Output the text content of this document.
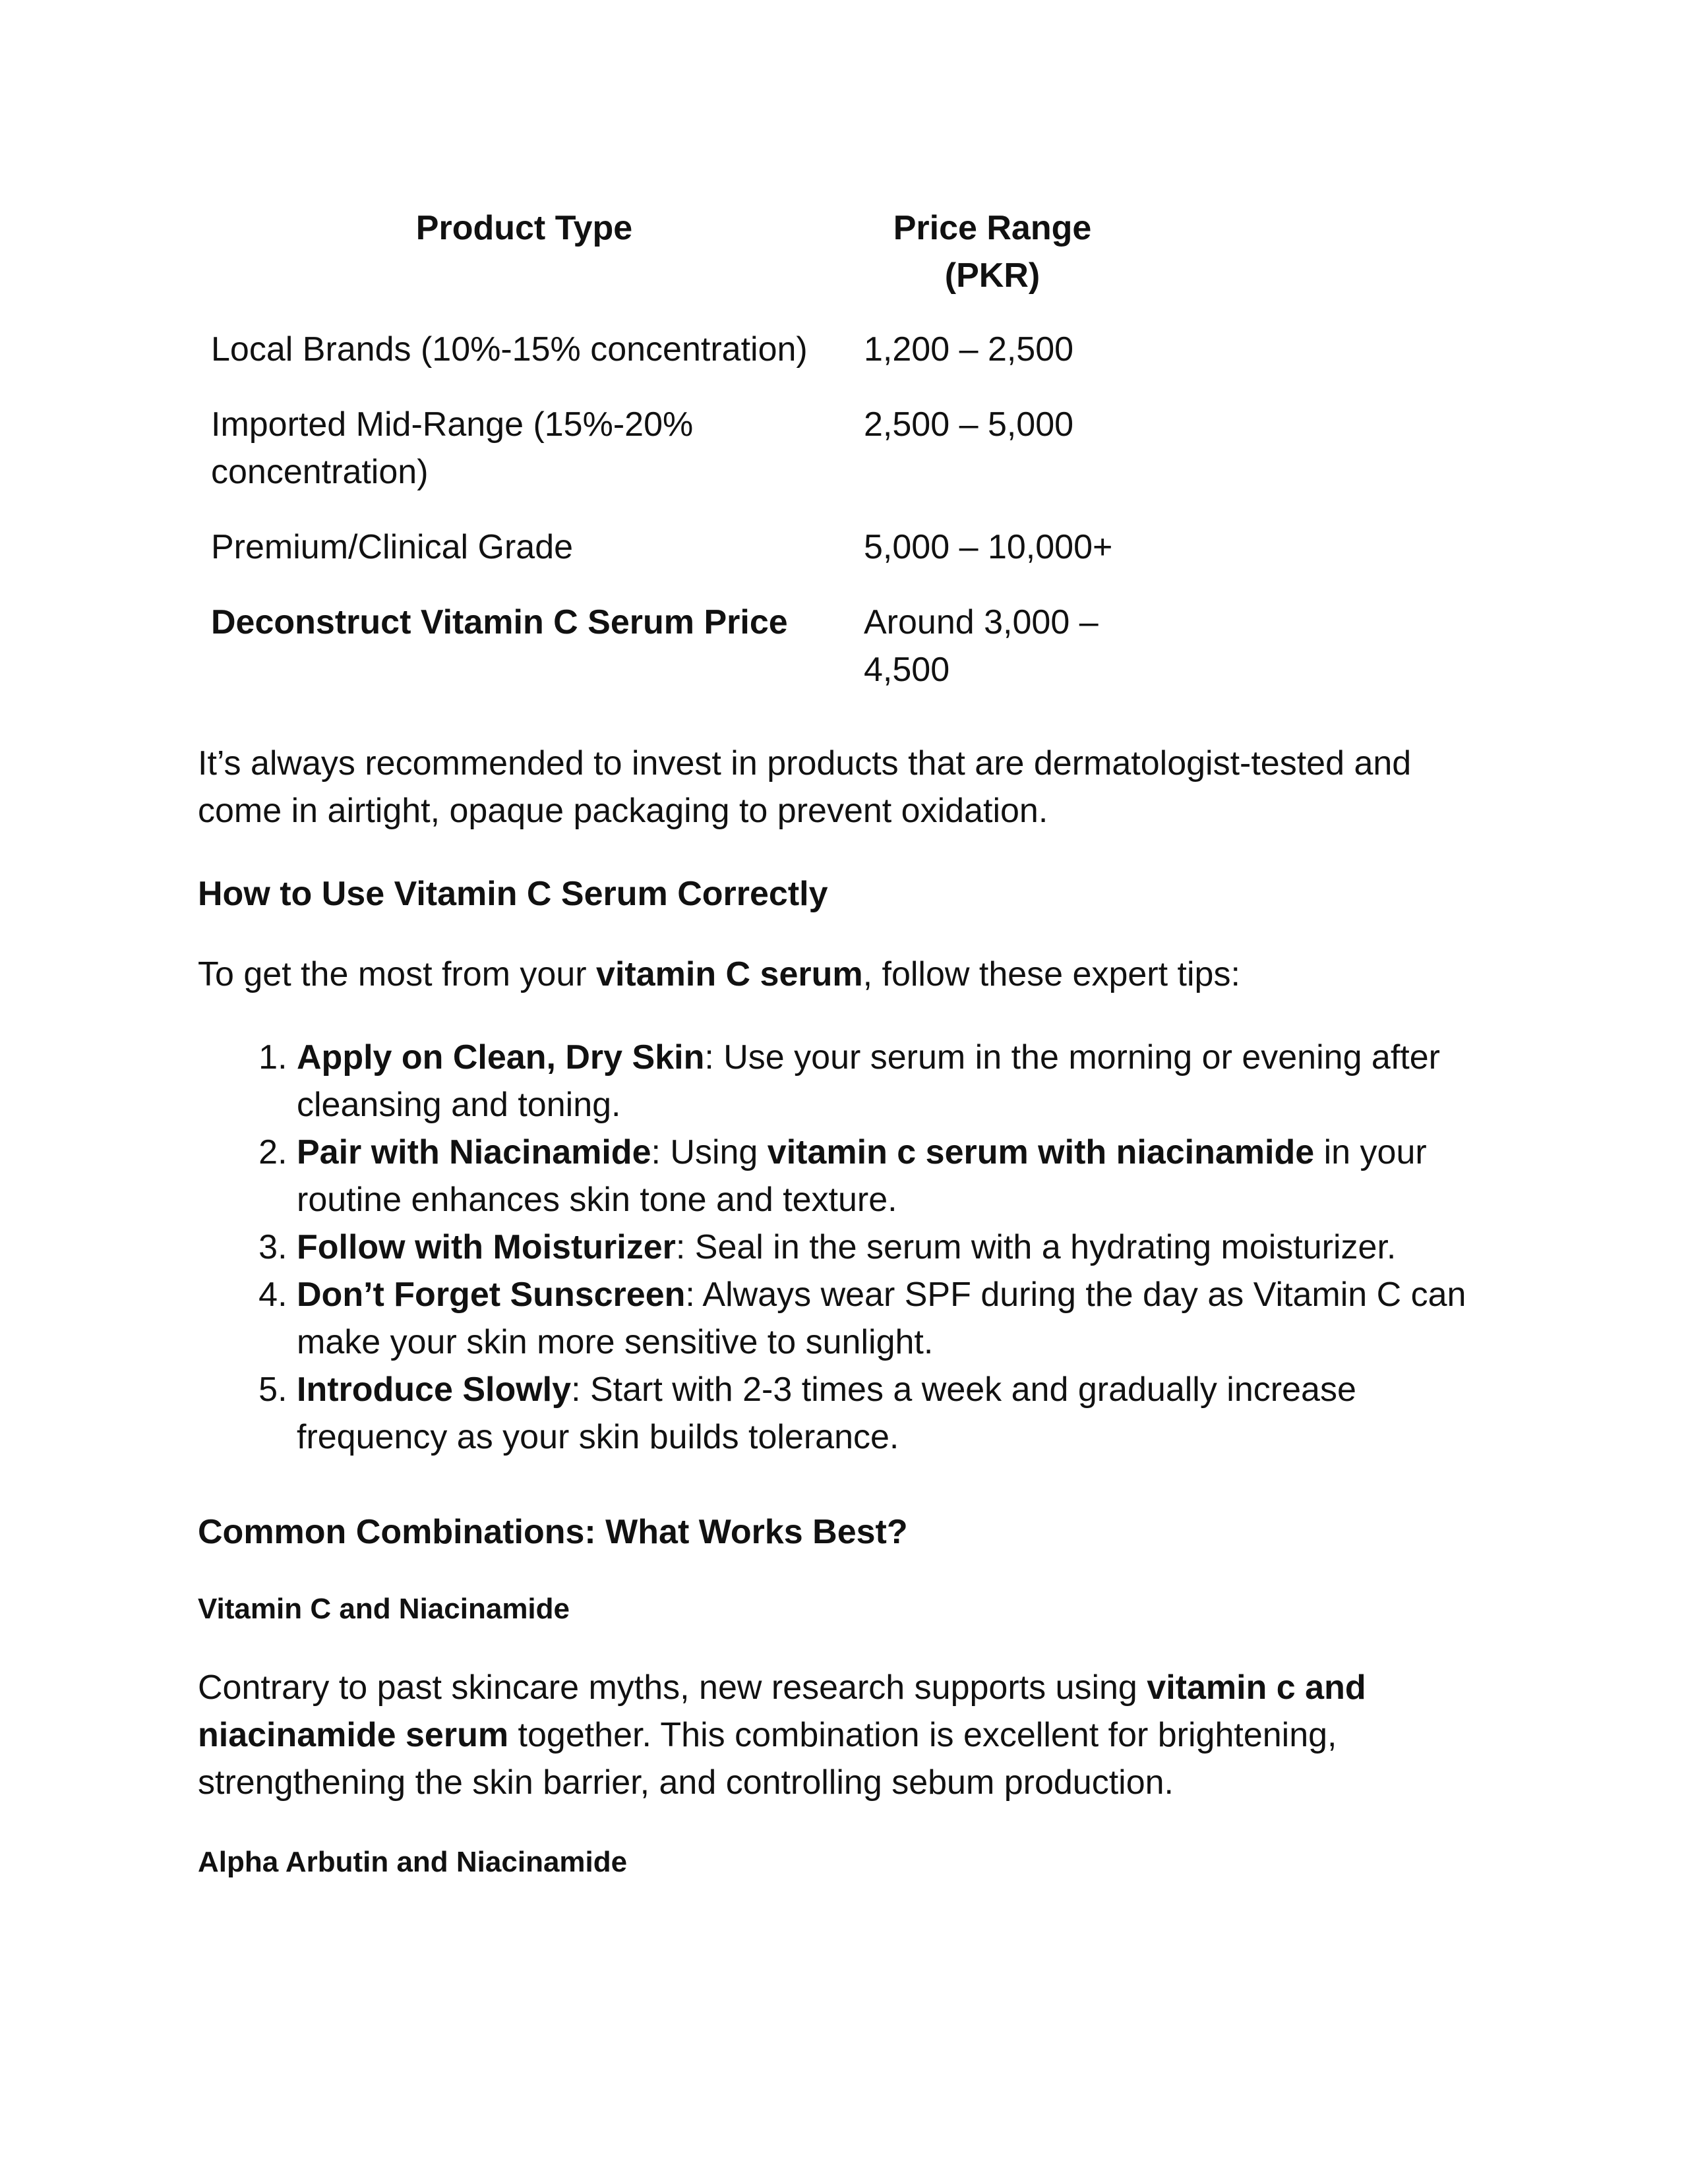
Product Type	Price Range (PKR)
Local Brands (10%-15% concentration)	1,200 – 2,500
Imported Mid-Range (15%-20% concentration)	2,500 – 5,000
Premium/Clinical Grade	5,000 – 10,000+
Deconstruct Vitamin C Serum Price	Around 3,000 – 4,500

It’s always recommended to invest in products that are dermatologist-tested and come in airtight, opaque packaging to prevent oxidation.

How to Use Vitamin C Serum Correctly

To get the most from your vitamin C serum, follow these expert tips:

1. Apply on Clean, Dry Skin: Use your serum in the morning or evening after cleansing and toning.
2. Pair with Niacinamide: Using vitamin c serum with niacinamide in your routine enhances skin tone and texture.
3. Follow with Moisturizer: Seal in the serum with a hydrating moisturizer.
4. Don’t Forget Sunscreen: Always wear SPF during the day as Vitamin C can make your skin more sensitive to sunlight.
5. Introduce Slowly: Start with 2-3 times a week and gradually increase frequency as your skin builds tolerance.
Common Combinations: What Works Best?
Vitamin C and Niacinamide

Contrary to past skincare myths, new research supports using vitamin c and niacinamide serum together. This combination is excellent for brightening, strengthening the skin barrier, and controlling sebum production.

Alpha Arbutin and Niacinamide
